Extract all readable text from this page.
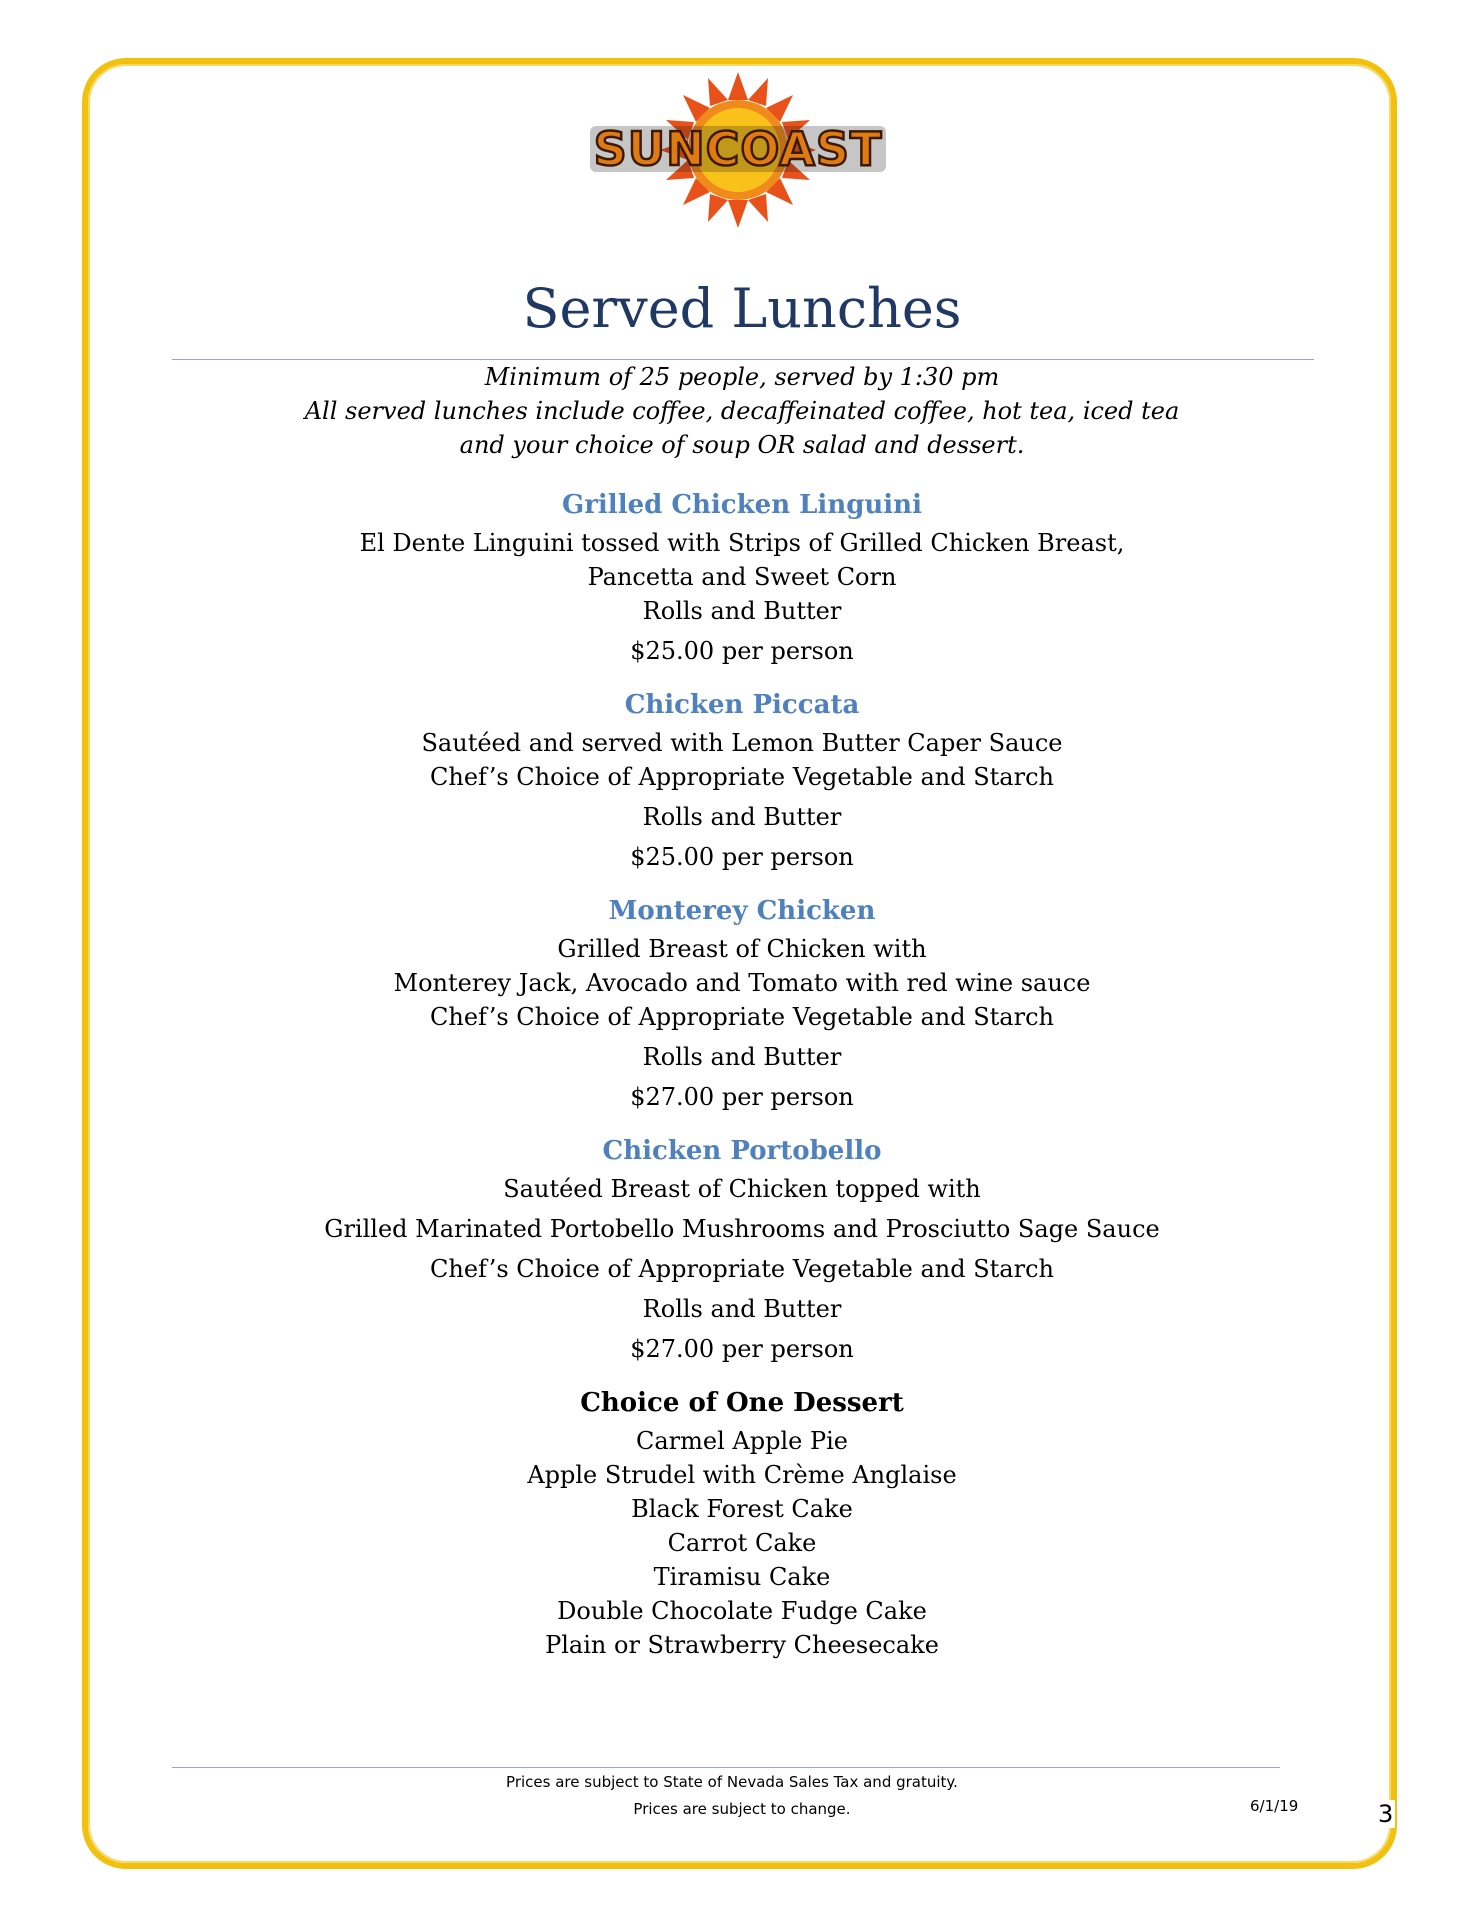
SUNCOAST
Served Lunches
Minimum of 25 people, served by 1:30 pm
All served lunches include coffee, decaffeinated coffee, hot tea, iced tea
and your choice of soup OR salad and dessert.
Grilled Chicken Linguini
El Dente Linguini tossed with Strips of Grilled Chicken Breast,
Pancetta and Sweet Corn
Rolls and Butter
$25.00 per person
Chicken Piccata
Sautéed and served with Lemon Butter Caper Sauce
Chef’s Choice of Appropriate Vegetable and Starch
Rolls and Butter
$25.00 per person
Monterey Chicken
Grilled Breast of Chicken with
Monterey Jack, Avocado and Tomato with red wine sauce
Chef’s Choice of Appropriate Vegetable and Starch
Rolls and Butter
$27.00 per person
Chicken Portobello
Sautéed Breast of Chicken topped with
Grilled Marinated Portobello Mushrooms and Prosciutto Sage Sauce
Chef’s Choice of Appropriate Vegetable and Starch
Rolls and Butter
$27.00 per person
Choice of One Dessert
Carmel Apple Pie
Apple Strudel with Crème Anglaise
Black Forest Cake
Carrot Cake
Tiramisu Cake
Double Chocolate Fudge Cake
Plain or Strawberry Cheesecake
Prices are subject to State of Nevada Sales Tax and gratuity.
Prices are subject to change.	6/1/19	3
